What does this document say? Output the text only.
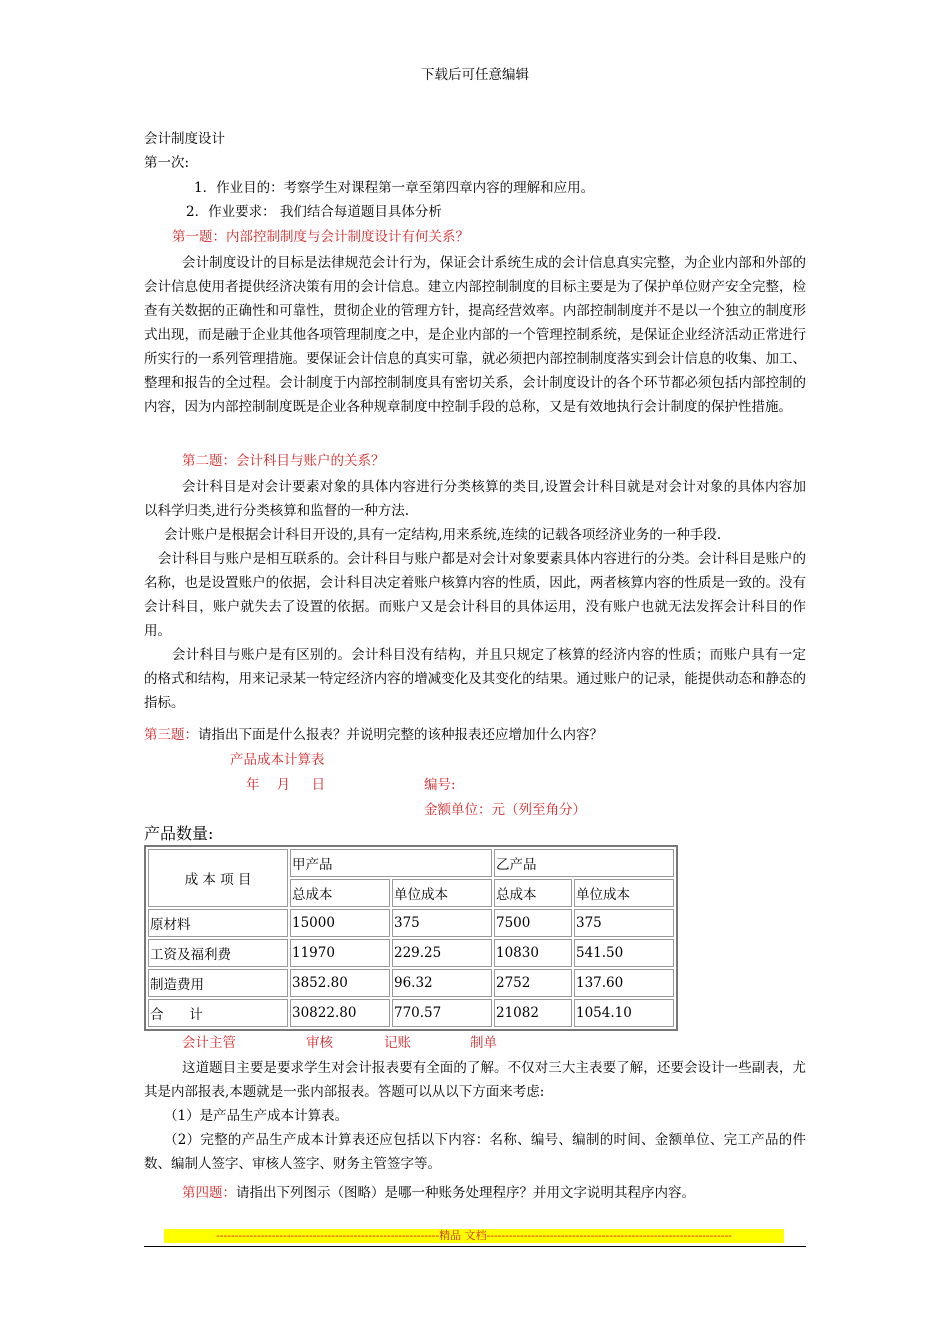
下载后可任意编辑
会计制度设计
第一次:
1．作业目的：考察学生对课程第一章至第四章内容的理解和应用。
2．作业要求： 我们结合每道题目具体分析
第一题：内部控制制度与会计制度设计有何关系？

会计制度设计的目标是法律规范会计行为，保证会计系统生成的会计信息真实完整，为企业内部和外部的会计信息使用者提供经济决策有用的会计信息。建立内部控制制度的目标主要是为了保护单位财产安全完整，检查有关数据的正确性和可靠性，贯彻企业的管理方针，提高经营效率。内部控制制度并不是以一个独立的制度形式出现，而是融于企业其他各项管理制度之中，是企业内部的一个管理控制系统，是保证企业经济活动正常进行所实行的一系列管理措施。要保证会计信息的真实可靠，就必须把内部控制制度落实到会计信息的收集、加工、整理和报告的全过程。会计制度于内部控制制度具有密切关系，会计制度设计的各个环节都必须包括内部控制的内容，因为内部控制制度既是企业各种规章制度中控制手段的总称，又是有效地执行会计制度的保护性措施。

第二题：会计科目与账户的关系？

会计科目是对会计要素对象的具体内容进行分类核算的类目,设置会计科目就是对会计对象的具体内容加以科学归类,进行分类核算和监督的一种方法.

会计账户是根据会计科目开设的,具有一定结构,用来系统,连续的记载各项经济业务的一种手段.

会计科目与账户是相互联系的。会计科目与账户都是对会计对象要素具体内容进行的分类。会计科目是账户的名称，也是设置账户的依据，会计科目决定着账户核算内容的性质，因此，两者核算内容的性质是一致的。没有会计科目，账户就失去了设置的依据。而账户又是会计科目的具体运用，没有账户也就无法发挥会计科目的作用。

会计科目与账户是有区别的。会计科目没有结构，并且只规定了核算的经济内容的性质；而账户具有一定的格式和结构，用来记录某一特定经济内容的增减变化及其变化的结果。通过账户的记录，能提供动态和静态的指标。

第三题：请指出下面是什么报表？并说明完整的该种报表还应增加什么内容？
产品成本计算表
年    月     日	编号:
金额单位：元（列至角分）
产品数量:
成 本 项 目	甲产品		乙产品	
	总成本	单位成本	总成本	单位成本
原材料	15000	375	7500	375
工资及福利费	11970	229.25	10830	541.50
制造费用	3852.80	96.32	2752	137.60
合      计	30822.80	770.57	21082	1054.10
会计主管	审核	记账	制单

这道题目主要是要求学生对会计报表要有全面的了解。不仅对三大主表要了解，还要会设计一些副表，尤其是内部报表,本题就是一张内部报表。答题可以从以下方面来考虑:

（1）是产品生产成本计算表。

（2）完整的产品生产成本计算表还应包括以下内容：名称、编号、编制的时间、金额单位、完工产品的件数、编制人签字、审核人签字、财务主管签字等。

第四题：请指出下列图示（图略）是哪一种账务处理程序？并用文字说明其程序内容。
------------------------------------------------------------精品 文档------------------------------------------------------------------
